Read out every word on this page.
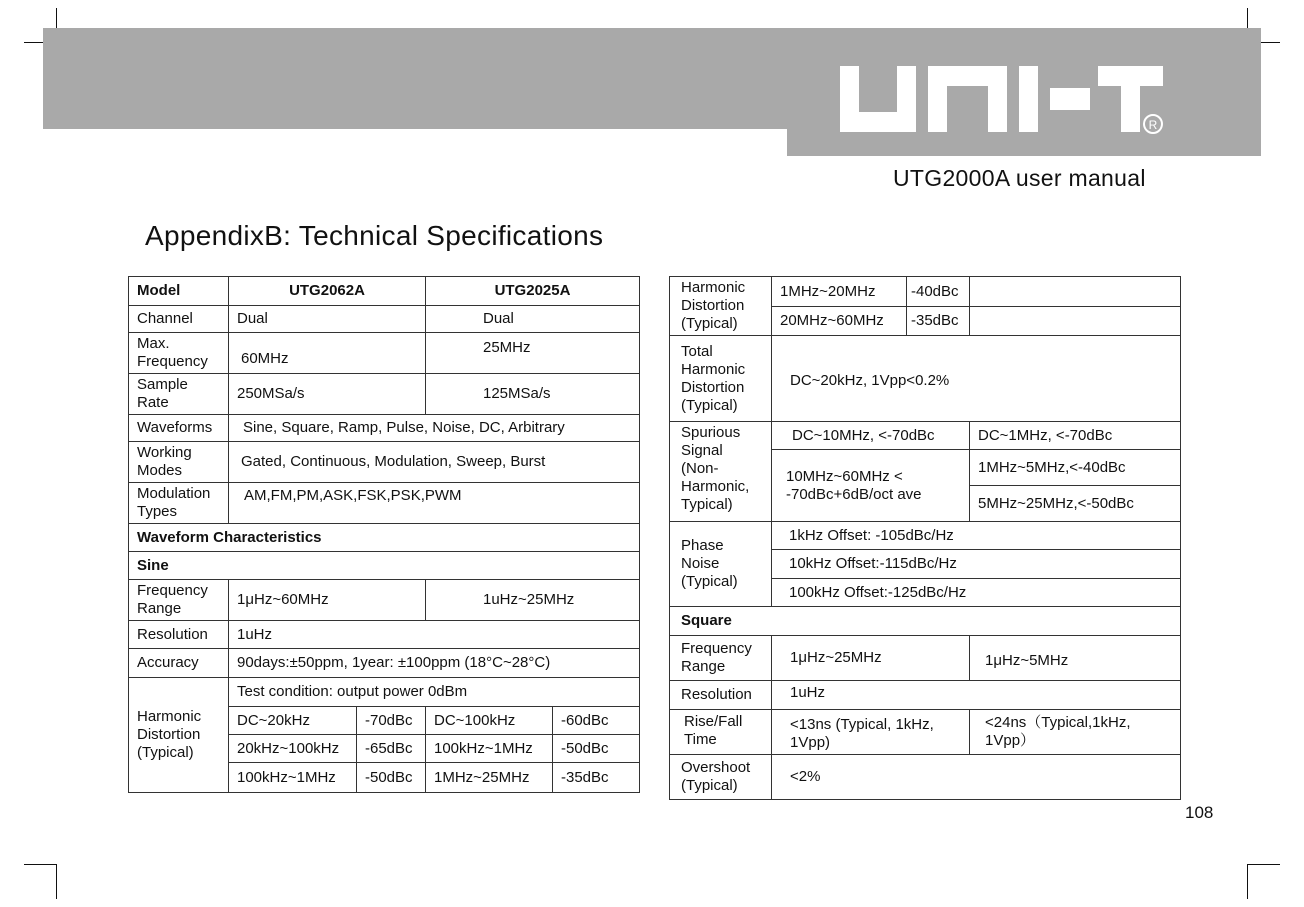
R
UTG2000A user manual
AppendixB: Technical Specifications
Model	UTG2062A		UTG2025A	
Channel	Dual		Dual	
Max. Frequency	60MHz		25MHz	
Sample Rate	250MSa/s		125MSa/s	
Waveforms	Sine, Square, Ramp, Pulse, Noise, DC, Arbitrary			
Working Modes	Gated, Continuous, Modulation, Sweep, Burst			
Modulation Types	AM,FM,PM,ASK,FSK,PSK,PWM			
Waveform Characteristics				
Sine				
Frequency Range	1μHz~60MHz		1uHz~25MHz	
Resolution	1uHz			
Accuracy	90days:±50ppm, 1year: ±100ppm (18°C~28°C)			
Harmonic Distortion (Typical)	Test condition: output power 0dBm			
	DC~20kHz	-70dBc	DC~100kHz	-60dBc
	20kHz~100kHz	-65dBc	100kHz~1MHz	-50dBc
	100kHz~1MHz	-50dBc	1MHz~25MHz	-35dBc
Harmonic Distortion (Typical)	1MHz~20MHz	-40dBc	
	20MHz~60MHz	-35dBc	
Total Harmonic Distortion (Typical)	DC~20kHz, 1Vpp<0.2%		
Spurious Signal (Non-Harmonic, Typical)	DC~10MHz, <-70dBc		DC~1MHz, <-70dBc
	10MHz~60MHz < -70dBc+6dB/oct ave		1MHz~5MHz,<-40dBc
			5MHz~25MHz,<-50dBc
Phase Noise (Typical)	1kHz Offset: -105dBc/Hz		
	10kHz Offset:-115dBc/Hz		
	100kHz Offset:-125dBc/Hz		
Square			
Frequency Range	1μHz~25MHz		1μHz~5MHz
Resolution	1uHz		
Rise/Fall Time	<13ns (Typical, 1kHz, 1Vpp)		<24ns（Typical,1kHz, 1Vpp）
Overshoot (Typical)	<2%		
108
